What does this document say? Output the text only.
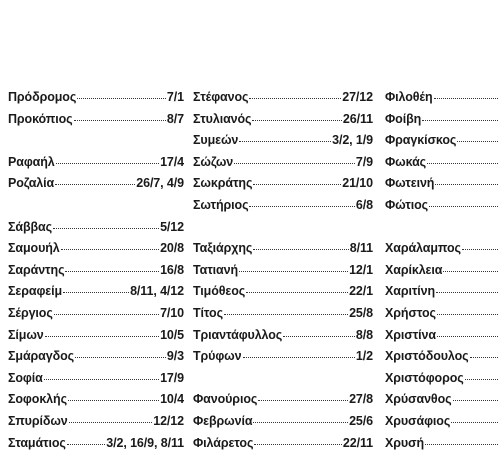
Πρόδρομος	7/1
Προκόπιος	8/7
Ραφαήλ	17/4
Ροζαλία	26/7, 4/9
Σάββας	5/12
Σαμουήλ	20/8
Σαράντης	16/8
Σεραφείμ	8/11, 4/12
Σέργιος	7/10
Σίμων	10/5
Σμάραγδος	9/3
Σοφία	17/9
Σοφοκλής	10/4
Σπυρίδων	12/12
Σταμάτιος	3/2, 16/9, 8/11
Στέφανος	27/12
Στυλιανός	26/11
Συμεών	3/2, 1/9
Σώζων	7/9
Σωκράτης	21/10
Σωτήριος	6/8
Ταξιάρχης	8/11
Τατιανή	12/1
Τιμόθεος	22/1
Τίτος	25/8
Τριαντάφυλλος	8/8
Τρύφων	1/2
Φανούριος	27/8
Φεβρωνία	25/6
Φιλάρετος	22/11
Φιλοθέη
Φοίβη
Φραγκίσκος
Φωκάς
Φωτεινή
Φώτιος
Χαράλαμπος
Χαρίκλεια
Χαριτίνη
Χρήστος
Χριστίνα
Χριστόδουλος
Χριστόφορος
Χρύσανθος
Χρυσάφιος
Χρυσή
